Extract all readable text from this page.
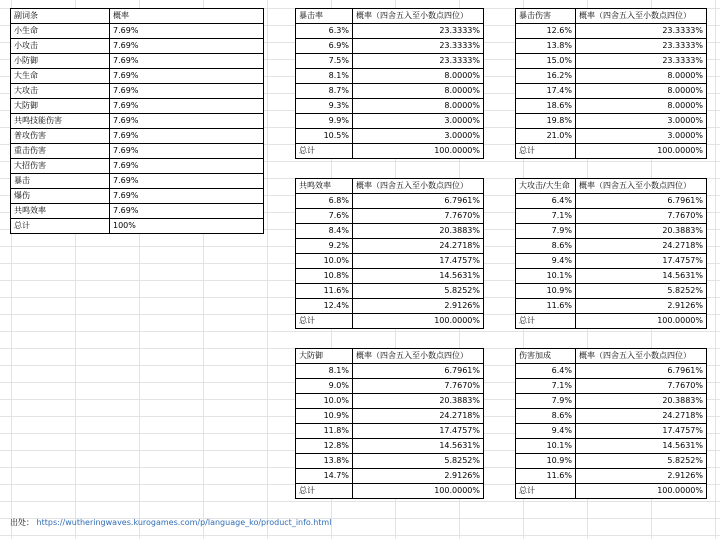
副词条	概率
小生命	7.69%
小攻击	7.69%
小防御	7.69%
大生命	7.69%
大攻击	7.69%
大防御	7.69%
共鸣技能伤害	7.69%
普攻伤害	7.69%
重击伤害	7.69%
大招伤害	7.69%
暴击	7.69%
爆伤	7.69%
共鸣效率	7.69%
总计	100%
暴击率	概率（四舍五入至小数点四位）
6.3%	23.3333%
6.9%	23.3333%
7.5%	23.3333%
8.1%	8.0000%
8.7%	8.0000%
9.3%	8.0000%
9.9%	3.0000%
10.5%	3.0000%
总计	100.0000%
暴击伤害	概率（四舍五入至小数点四位）
12.6%	23.3333%
13.8%	23.3333%
15.0%	23.3333%
16.2%	8.0000%
17.4%	8.0000%
18.6%	8.0000%
19.8%	3.0000%
21.0%	3.0000%
总计	100.0000%
共鸣效率	概率（四舍五入至小数点四位）
6.8%	6.7961%
7.6%	7.7670%
8.4%	20.3883%
9.2%	24.2718%
10.0%	17.4757%
10.8%	14.5631%
11.6%	5.8252%
12.4%	2.9126%
总计	100.0000%
大攻击/大生命	概率（四舍五入至小数点四位）
6.4%	6.7961%
7.1%	7.7670%
7.9%	20.3883%
8.6%	24.2718%
9.4%	17.4757%
10.1%	14.5631%
10.9%	5.8252%
11.6%	2.9126%
总计	100.0000%
大防御	概率（四舍五入至小数点四位）
8.1%	6.7961%
9.0%	7.7670%
10.0%	20.3883%
10.9%	24.2718%
11.8%	17.4757%
12.8%	14.5631%
13.8%	5.8252%
14.7%	2.9126%
总计	100.0000%
伤害加成	概率（四舍五入至小数点四位）
6.4%	6.7961%
7.1%	7.7670%
7.9%	20.3883%
8.6%	24.2718%
9.4%	17.4757%
10.1%	14.5631%
10.9%	5.8252%
11.6%	2.9126%
总计	100.0000%
出处： https://wutheringwaves.kurogames.com/p/language_ko/product_info.html
